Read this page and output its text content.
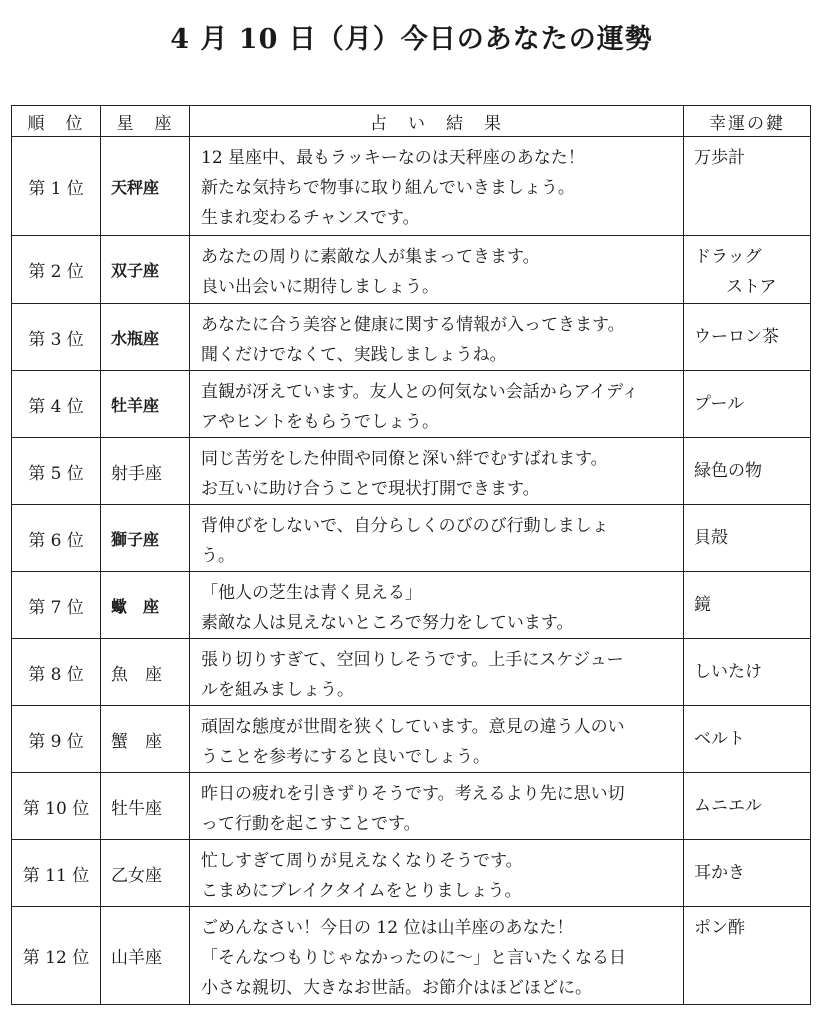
4 月 10 日（月）今日のあなたの運勢
順　位	星　座	占　い　結　果	幸運の鍵
第 1 位	天秤座	12 星座中、最もラッキーなのは天秤座のあなた！
新たな気持ちで物事に取り組んでいきましょう。
生まれ変わるチャンスです。	万歩計
第 2 位	双子座	あなたの周りに素敵な人が集まってきます。
良い出会いに期待しましょう。	ドラッグ
ストア

第 3 位	水瓶座	あなたに合う美容と健康に関する情報が入ってきます。
聞くだけでなくて、実践しましょうね。	ウーロン茶
第 4 位	牡羊座	直観が冴えています。友人との何気ない会話からアイディ
アやヒントをもらうでしょう。	プール
第 5 位	射手座	同じ苦労をした仲間や同僚と深い絆でむすばれます。
お互いに助け合うことで現状打開できます。	緑色の物
第 6 位	獅子座	背伸びをしないで、自分らしくのびのび行動しましょ
う。	貝殻
第 7 位	蠍　座	「他人の芝生は青く見える」
素敵な人は見えないところで努力をしています。	鏡
第 8 位	魚　座	張り切りすぎて、空回りしそうです。上手にスケジュー
ルを組みましょう。	しいたけ
第 9 位	蟹　座	頑固な態度が世間を狭くしています。意見の違う人のい
うことを参考にすると良いでしょう。	ベルト
第 10 位	牡牛座	昨日の疲れを引きずりそうです。考えるより先に思い切
って行動を起こすことです。	ムニエル
第 11 位	乙女座	忙しすぎて周りが見えなくなりそうです。
こまめにブレイクタイムをとりましょう。	耳かき
第 12 位	山羊座	ごめんなさい！今日の 12 位は山羊座のあなた！
「そんなつもりじゃなかったのに～」と言いたくなる日
小さな親切、大きなお世話。お節介はほどほどに。	ポン酢
